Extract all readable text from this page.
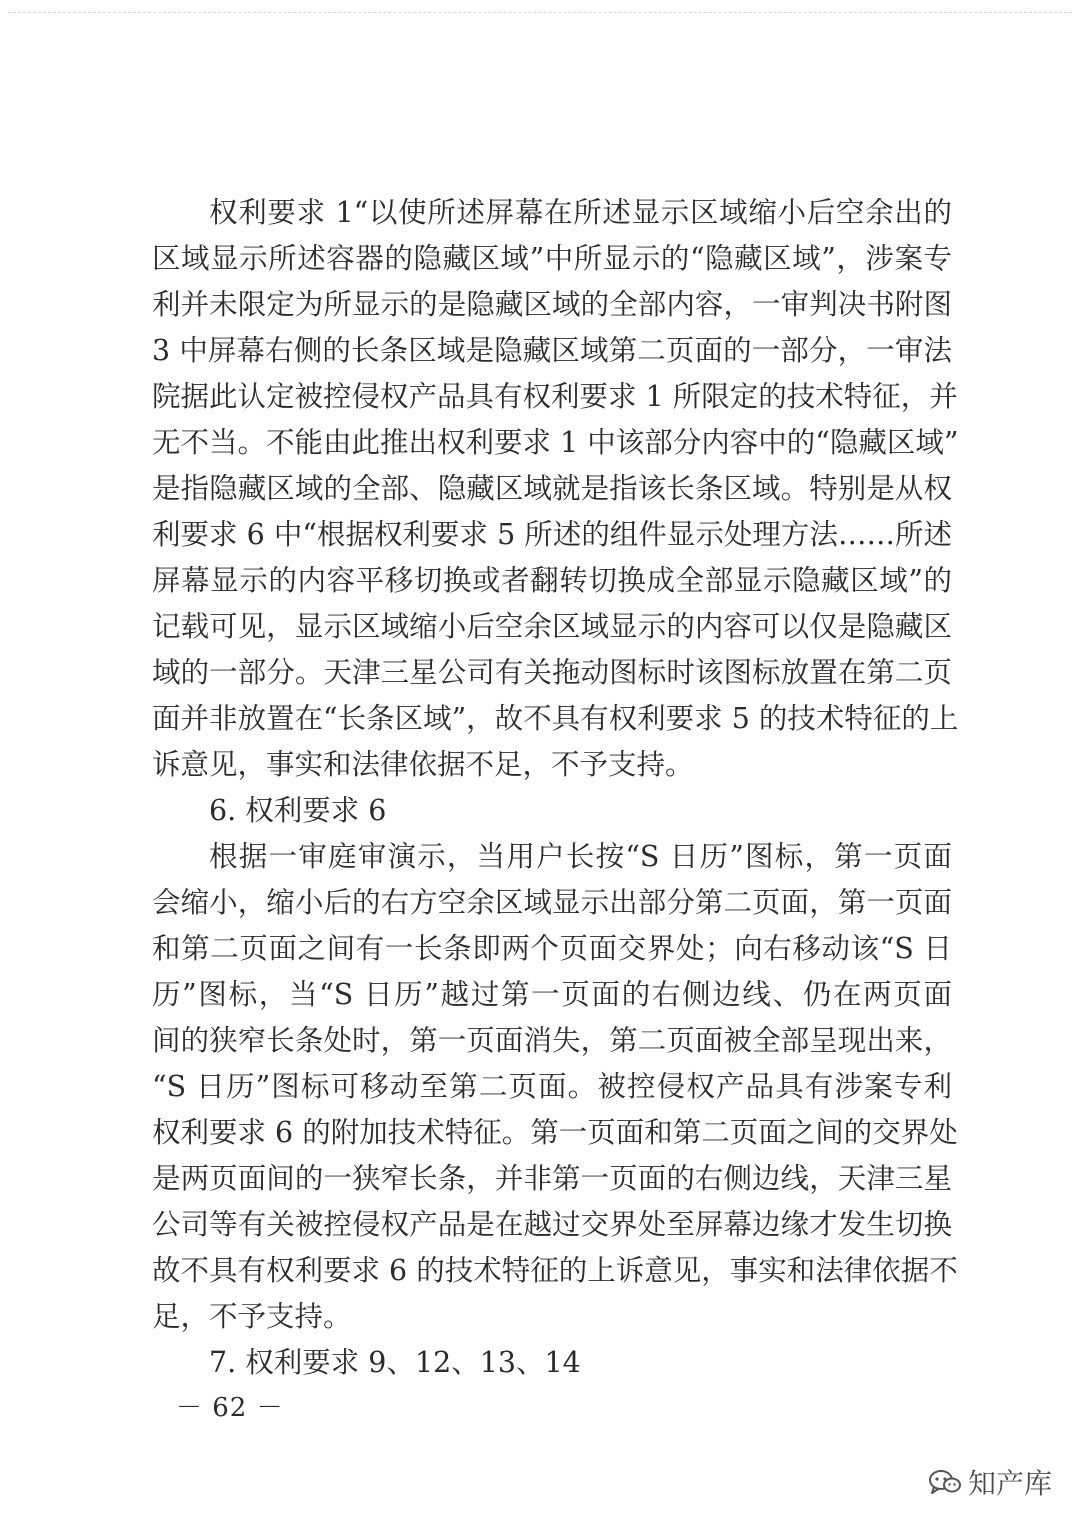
权利要求 1“以使所述屏幕在所述显示区域缩小后空余出的
区域显示所述容器的隐藏区域”中所显示的“隐藏区域”，涉案专
利并未限定为所显示的是隐藏区域的全部内容，一审判决书附图
3 中屏幕右侧的长条区域是隐藏区域第二页面的一部分，一审法
院据此认定被控侵权产品具有权利要求 1 所限定的技术特征，并
无不当。不能由此推出权利要求 1 中该部分内容中的“隐藏区域”
是指隐藏区域的全部、隐藏区域就是指该长条区域。特别是从权
利要求 6 中“根据权利要求 5 所述的组件显示处理方法……所述
屏幕显示的内容平移切换或者翻转切换成全部显示隐藏区域”的
记载可见，显示区域缩小后空余区域显示的内容可以仅是隐藏区
域的一部分。天津三星公司有关拖动图标时该图标放置在第二页
面并非放置在“长条区域”，故不具有权利要求 5 的技术特征的上
诉意见，事实和法律依据不足，不予支持。
6. 权利要求 6
根据一审庭审演示，当用户长按“S 日历”图标，第一页面
会缩小，缩小后的右方空余区域显示出部分第二页面，第一页面
和第二页面之间有一长条即两个页面交界处；向右移动该“S 日
历”图标，当“S 日历”越过第一页面的右侧边线、仍在两页面
间的狭窄长条处时，第一页面消失，第二页面被全部呈现出来，
“S 日历”图标可移动至第二页面。被控侵权产品具有涉案专利
权利要求 6 的附加技术特征。第一页面和第二页面之间的交界处
是两页面间的一狭窄长条，并非第一页面的右侧边线，天津三星
公司等有关被控侵权产品是在越过交界处至屏幕边缘才发生切换
故不具有权利要求 6 的技术特征的上诉意见，事实和法律依据不
足，不予支持。
7. 权利要求 9、12、13、14
－ 62 －
知产库
